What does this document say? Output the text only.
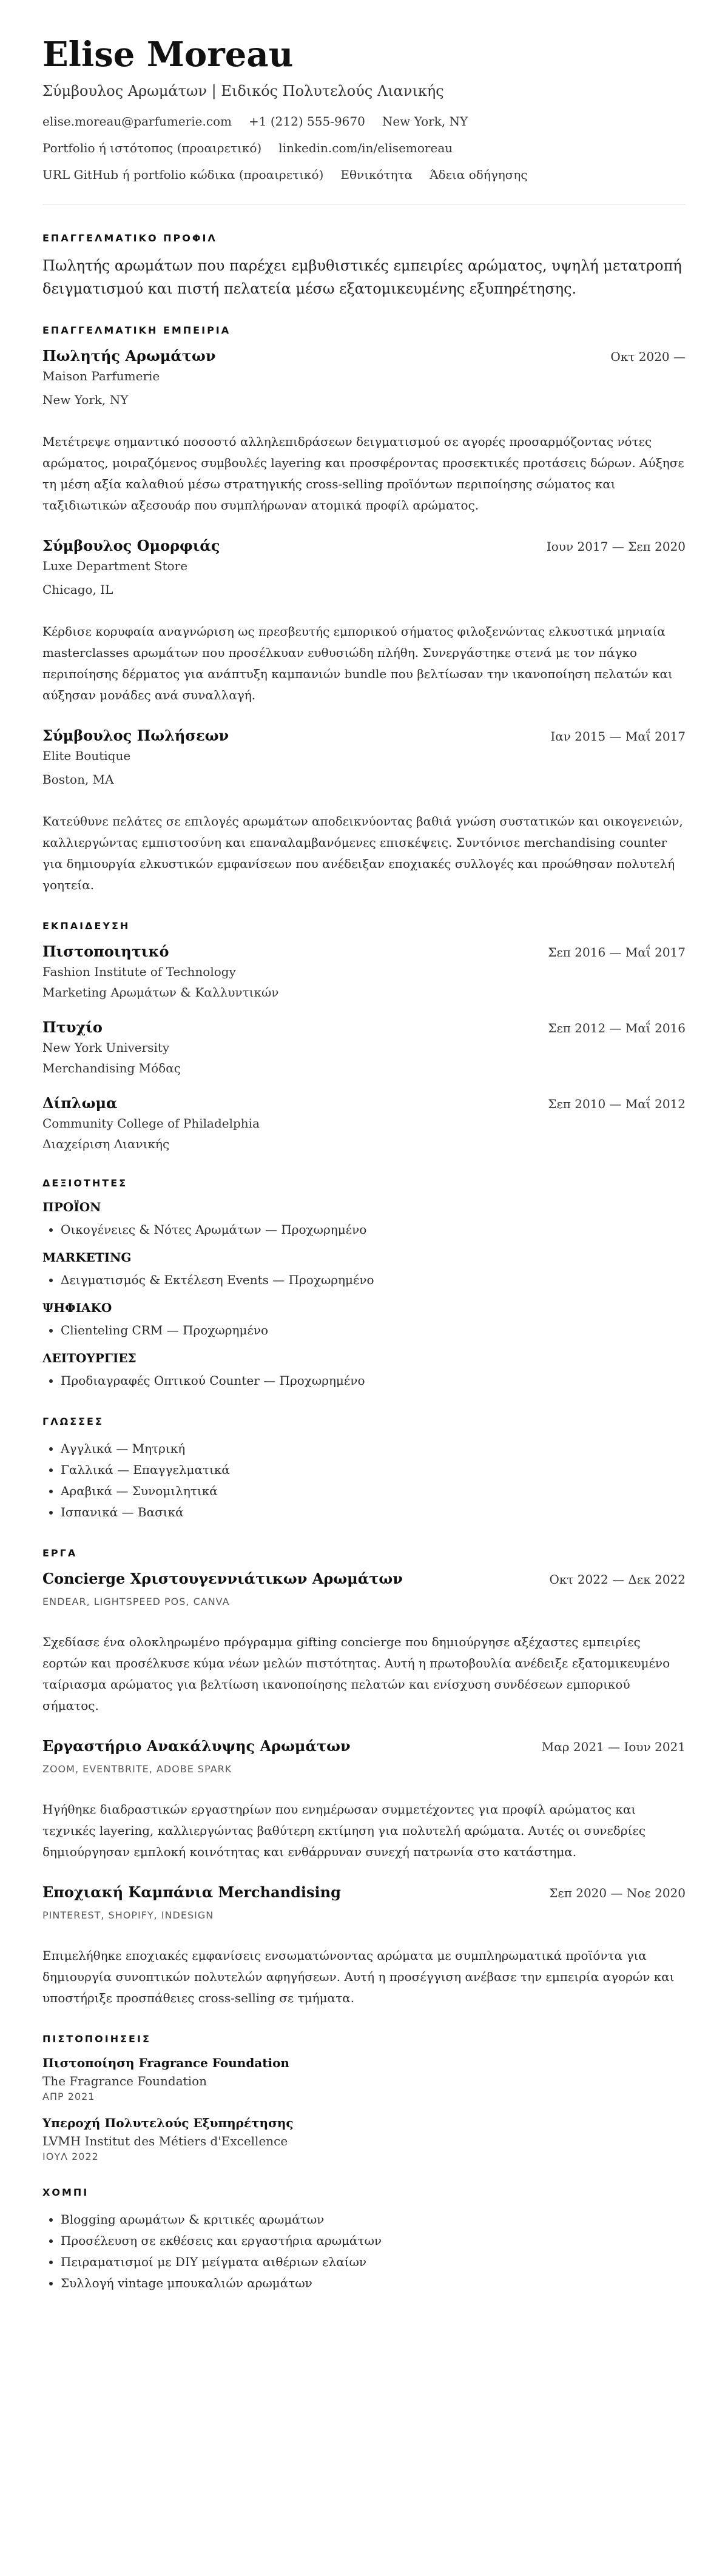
Elise Moreau
Σύμβουλος Αρωμάτων | Ειδικός Πολυτελούς Λιανικής
elise.moreau@parfumerie.com +1 (212) 555-9670 New York, NY
Portfolio ή ιστότοπος (προαιρετικό) linkedin.com/in/elisemoreau
URL GitHub ή portfolio κώδικα (προαιρετικό) Εθνικότητα Άδεια οδήγησης
ΕΠΑΓΓΕΛΜΑΤΙΚΟ ΠΡΟΦΙΛ
Πωλητής αρωμάτων που παρέχει εμβυθιστικές εμπειρίες αρώματος, υψηλή μετατροπή δειγματισμού και πιστή πελατεία μέσω εξατομικευμένης εξυπηρέτησης.
ΕΠΑΓΓΕΛΜΑΤΙΚΗ ΕΜΠΕΙΡΙΑ
Πωλητής Αρωμάτων	Οκτ 2020 —
Maison Parfumerie
New York, NY
Μετέτρεψε σημαντικό ποσοστό αλληλεπιδράσεων δειγματισμού σε αγορές προσαρμόζοντας νότες αρώματος, μοιραζόμενος συμβουλές layering και προσφέροντας προσεκτικές προτάσεις δώρων. Αύξησε τη μέση αξία καλαθιού μέσω στρατηγικής cross-selling προϊόντων περιποίησης σώματος και ταξιδιωτικών αξεσουάρ που συμπλήρωναν ατομικά προφίλ αρώματος.
Σύμβουλος Ομορφιάς	Ιουν 2017 — Σεπ 2020
Luxe Department Store
Chicago, IL
Κέρδισε κορυφαία αναγνώριση ως πρεσβευτής εμπορικού σήματος φιλοξενώντας ελκυστικά μηνιαία masterclasses αρωμάτων που προσέλκυαν ευθυσιώδη πλήθη. Συνεργάστηκε στενά με τον πάγκο περιποίησης δέρματος για ανάπτυξη καμπανιών bundle που βελτίωσαν την ικανοποίηση πελατών και αύξησαν μονάδες ανά συναλλαγή.
Σύμβουλος Πωλήσεων	Ιαν 2015 — Μαΐ 2017
Elite Boutique
Boston, MA
Κατεύθυνε πελάτες σε επιλογές αρωμάτων αποδεικνύοντας βαθιά γνώση συστατικών και οικογενειών, καλλιεργώντας εμπιστοσύνη και επαναλαμβανόμενες επισκέψεις. Συντόνισε merchandising counter για δημιουργία ελκυστικών εμφανίσεων που ανέδειξαν εποχιακές συλλογές και προώθησαν πολυτελή γοητεία.
ΕΚΠΑΙΔΕΥΣΗ
Πιστοποιητικό	Σεπ 2016 — Μαΐ 2017
Fashion Institute of Technology
Marketing Αρωμάτων & Καλλυντικών
Πτυχίο	Σεπ 2012 — Μαΐ 2016
New York University
Merchandising Μόδας
Δίπλωμα	Σεπ 2010 — Μαΐ 2012
Community College of Philadelphia
Διαχείριση Λιανικής
ΔΕΞΙΟΤΗΤΕΣ
ΠΡΟΪΟΝ
• Οικογένειες & Νότες Αρωμάτων — Προχωρημένο
MARKETING
• Δειγματισμός & Εκτέλεση Events — Προχωρημένο
ΨΗΦΙΑΚΟ
• Clienteling CRM — Προχωρημένο
ΛΕΙΤΟΥΡΓΙΕΣ
• Προδιαγραφές Οπτικού Counter — Προχωρημένο
ΓΛΩΣΣΕΣ
• Αγγλικά — Μητρική
• Γαλλικά — Επαγγελματικά
• Αραβικά — Συνομιλητικά
• Ισπανικά — Βασικά
ΕΡΓΑ
Concierge Χριστουγεννιάτικων Αρωμάτων	Οκτ 2022 — Δεκ 2022
ENDEAR, LIGHTSPEED POS, CANVA
Σχεδίασε ένα ολοκληρωμένο πρόγραμμα gifting concierge που δημιούργησε αξέχαστες εμπειρίες εορτών και προσέλκυσε κύμα νέων μελών πιστότητας. Αυτή η πρωτοβουλία ανέδειξε εξατομικευμένο ταίριασμα αρώματος για βελτίωση ικανοποίησης πελατών και ενίσχυση συνδέσεων εμπορικού σήματος.
Εργαστήριο Ανακάλυψης Αρωμάτων	Μαρ 2021 — Ιουν 2021
ZOOM, EVENTBRITE, ADOBE SPARK
Ηγήθηκε διαδραστικών εργαστηρίων που ενημέρωσαν συμμετέχοντες για προφίλ αρώματος και τεχνικές layering, καλλιεργώντας βαθύτερη εκτίμηση για πολυτελή αρώματα. Αυτές οι συνεδρίες δημιούργησαν εμπλοκή κοινότητας και ενθάρρυναν συνεχή πατρωνία στο κατάστημα.
Εποχιακή Καμπάνια Merchandising	Σεπ 2020 — Νοε 2020
PINTEREST, SHOPIFY, INDESIGN
Επιμελήθηκε εποχιακές εμφανίσεις ενσωματώνοντας αρώματα με συμπληρωματικά προϊόντα για δημιουργία συνοπτικών πολυτελών αφηγήσεων. Αυτή η προσέγγιση ανέβασε την εμπειρία αγορών και υποστήριξε προσπάθειες cross-selling σε τμήματα.
ΠΙΣΤΟΠΟΙΗΣΕΙΣ
Πιστοποίηση Fragrance Foundation
The Fragrance Foundation
ΑΠΡ 2021
Υπεροχή Πολυτελούς Εξυπηρέτησης
LVMH Institut des Métiers d'Excellence
ΙΟΥΛ 2022
ΧΟΜΠΙ
• Blogging αρωμάτων & κριτικές αρωμάτων
• Προσέλευση σε εκθέσεις και εργαστήρια αρωμάτων
• Πειραματισμοί με DIY μείγματα αιθέριων ελαίων
• Συλλογή vintage μπουκαλιών αρωμάτων
